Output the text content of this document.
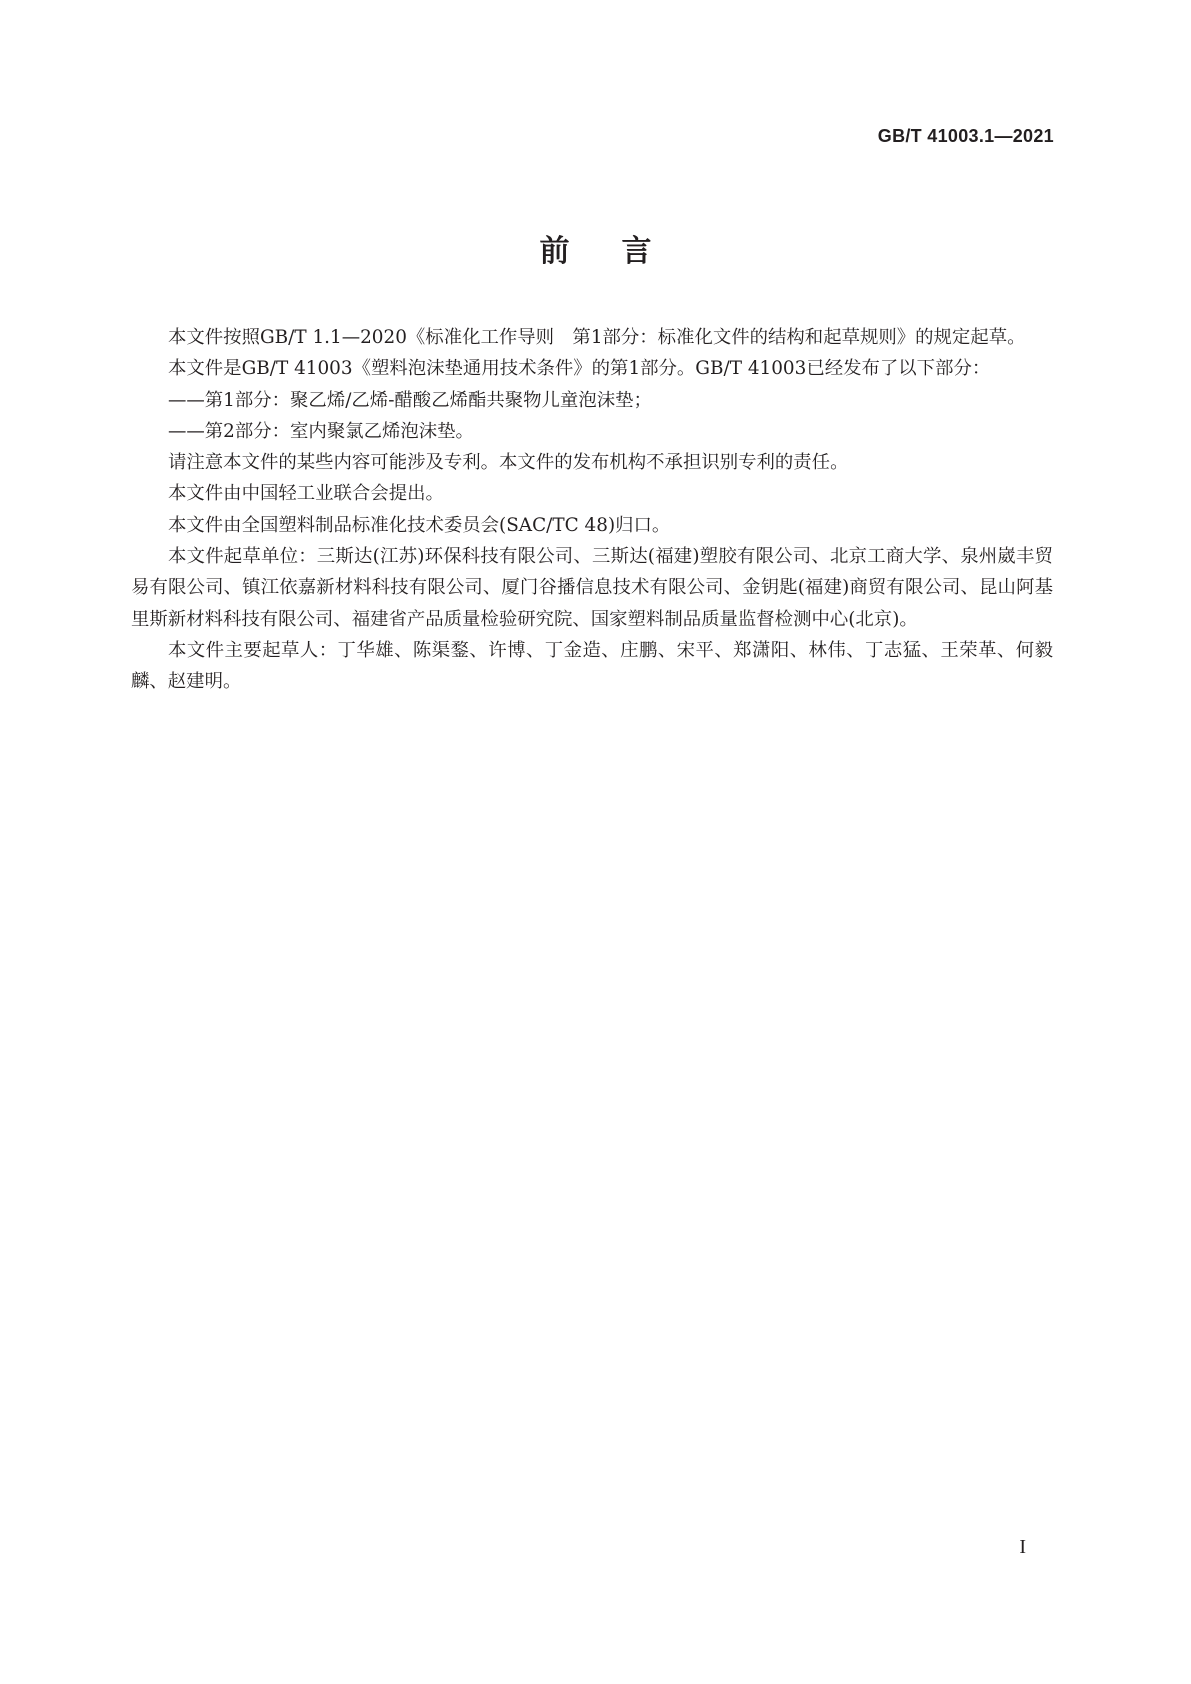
GB/T 41003.1—2021
前言

本文件按照GB/T 1.1—2020《标准化工作导则　第1部分：标准化文件的结构和起草规则》的规定起草。

本文件是GB/T 41003《塑料泡沫垫通用技术条件》的第1部分。GB/T 41003已经发布了以下部分：

——第1部分：聚乙烯/乙烯-醋酸乙烯酯共聚物儿童泡沫垫；

——第2部分：室内聚氯乙烯泡沫垫。

请注意本文件的某些内容可能涉及专利。本文件的发布机构不承担识别专利的责任。

本文件由中国轻工业联合会提出。

本文件由全国塑料制品标准化技术委员会(SAC/TC 48)归口。

本文件起草单位：三斯达(江苏)环保科技有限公司、三斯达(福建)塑胶有限公司、北京工商大学、泉州崴丰贸易有限公司、镇江依嘉新材料科技有限公司、厦门谷播信息技术有限公司、金钥匙(福建)商贸有限公司、昆山阿基里斯新材料科技有限公司、福建省产品质量检验研究院、国家塑料制品质量监督检测中心(北京)。

本文件主要起草人：丁华雄、陈渠鍪、许博、丁金造、庄鹏、宋平、郑潇阳、林伟、丁志猛、王荣革、何毅麟、赵建明。

I
